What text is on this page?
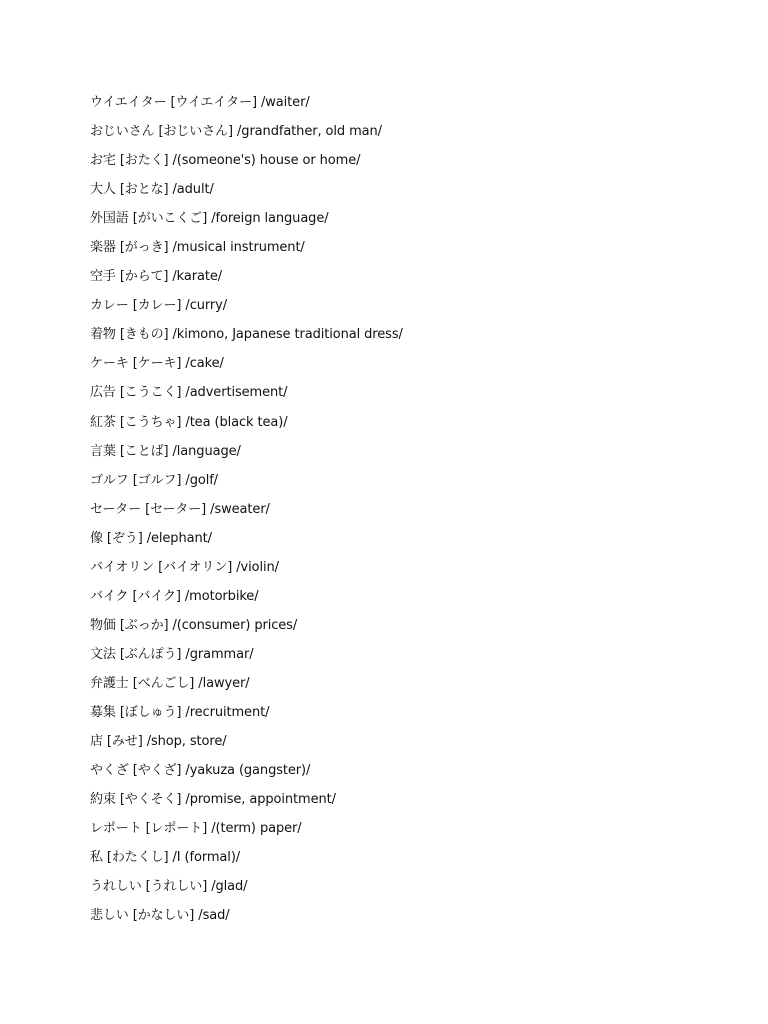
ウイエイター [ウイエイター] /waiter/
おじいさん [おじいさん] /grandfather, old man/
お宅 [おたく] /(someone's) house or home/
大人 [おとな] /adult/
外国語 [がいこくご] /foreign language/
楽器 [がっき] /musical instrument/
空手 [からて] /karate/
カレー [カレー] /curry/
着物 [きもの] /kimono, Japanese traditional dress/
ケーキ [ケーキ] /cake/
広告 [こうこく] /advertisement/
紅茶 [こうちゃ] /tea (black tea)/
言葉 [ことば] /language/
ゴルフ [ゴルフ] /golf/
セーター [セーター] /sweater/
像 [ぞう] /elephant/
バイオリン [バイオリン] /violin/
バイク [バイク] /motorbike/
物価 [ぶっか] /(consumer) prices/
文法 [ぶんぽう] /grammar/
弁護士 [べんごし] /lawyer/
募集 [ぼしゅう] /recruitment/
店 [みせ] /shop, store/
やくざ [やくざ] /yakuza (gangster)/
約束 [やくそく] /promise, appointment/
レポート [レポート] /(term) paper/
私 [わたくし] /I (formal)/
うれしい [うれしい] /glad/
悲しい [かなしい] /sad/
